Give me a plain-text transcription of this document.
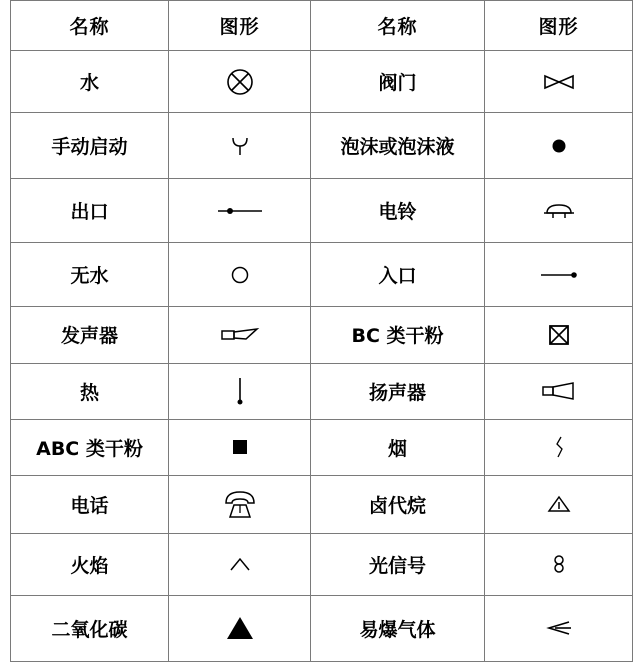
名称	图形	名称	图形
水		阀门	

手动启动		泡沫或泡沫液	

出口		电铃	

无水		入口	

发声器		BC 类干粉	

热		扬声器	

ABC 类干粉		烟	

电话		卤代烷	

火焰		光信号	

二氧化碳		易爆气体	
